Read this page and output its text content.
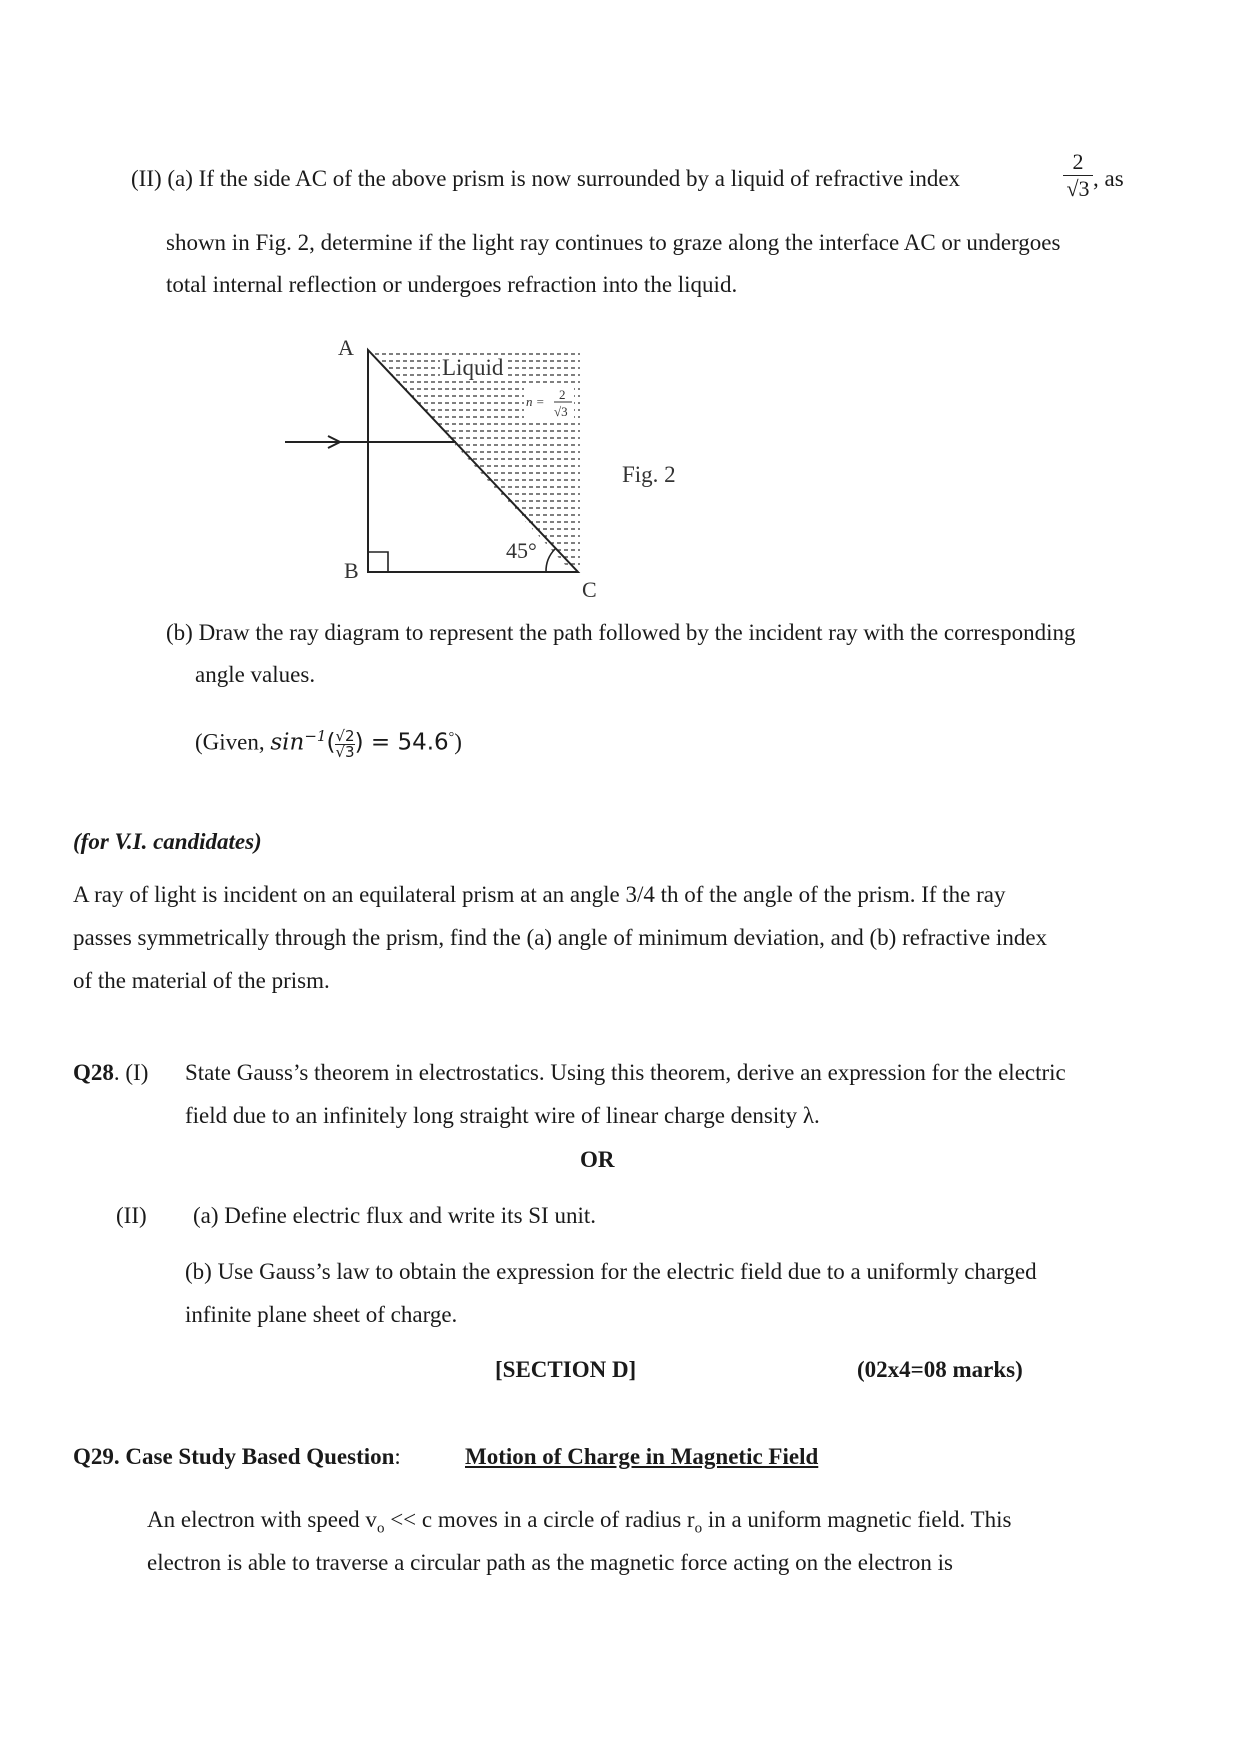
(II) (a) If the side AC of the above prism is now surrounded by a liquid of refractive index
2
√3 , as
shown in Fig. 2, determine if the light ray continues to graze along the interface AC or undergoes
total internal reflection or undergoes refraction into the liquid.
A
B
C
Liquid
n = 2
√3
45°
Fig. 2
(b) Draw the ray diagram to represent the path followed by the incident ray with the corresponding
angle values.
(Given, $\sin^{-1}(\frac{√2}{√3}) = 54.6^\circ$)
(for V.I. candidates)
A ray of light is incident on an equilateral prism at an angle 3/4 th of the angle of the prism. If the ray
passes symmetrically through the prism, find the (a) angle of minimum deviation, and (b) refractive index
of the material of the prism.
Q28. (I) State Gauss’s theorem in electrostatics. Using this theorem, derive an expression for the electric
field due to an infinitely long straight wire of linear charge density λ.
OR
(II) (a) Define electric flux and write its SI unit.
(b) Use Gauss’s law to obtain the expression for the electric field due to a uniformly charged
infinite plane sheet of charge.
[SECTION D]	(02x4=08 marks)
Q29. Case Study Based Question:	Motion of Charge in Magnetic Field
An electron with speed $v_o << c$ moves in a circle of radius $r_o$ in a uniform magnetic field. This
electron is able to traverse a circular path as the magnetic force acting on the electron is
